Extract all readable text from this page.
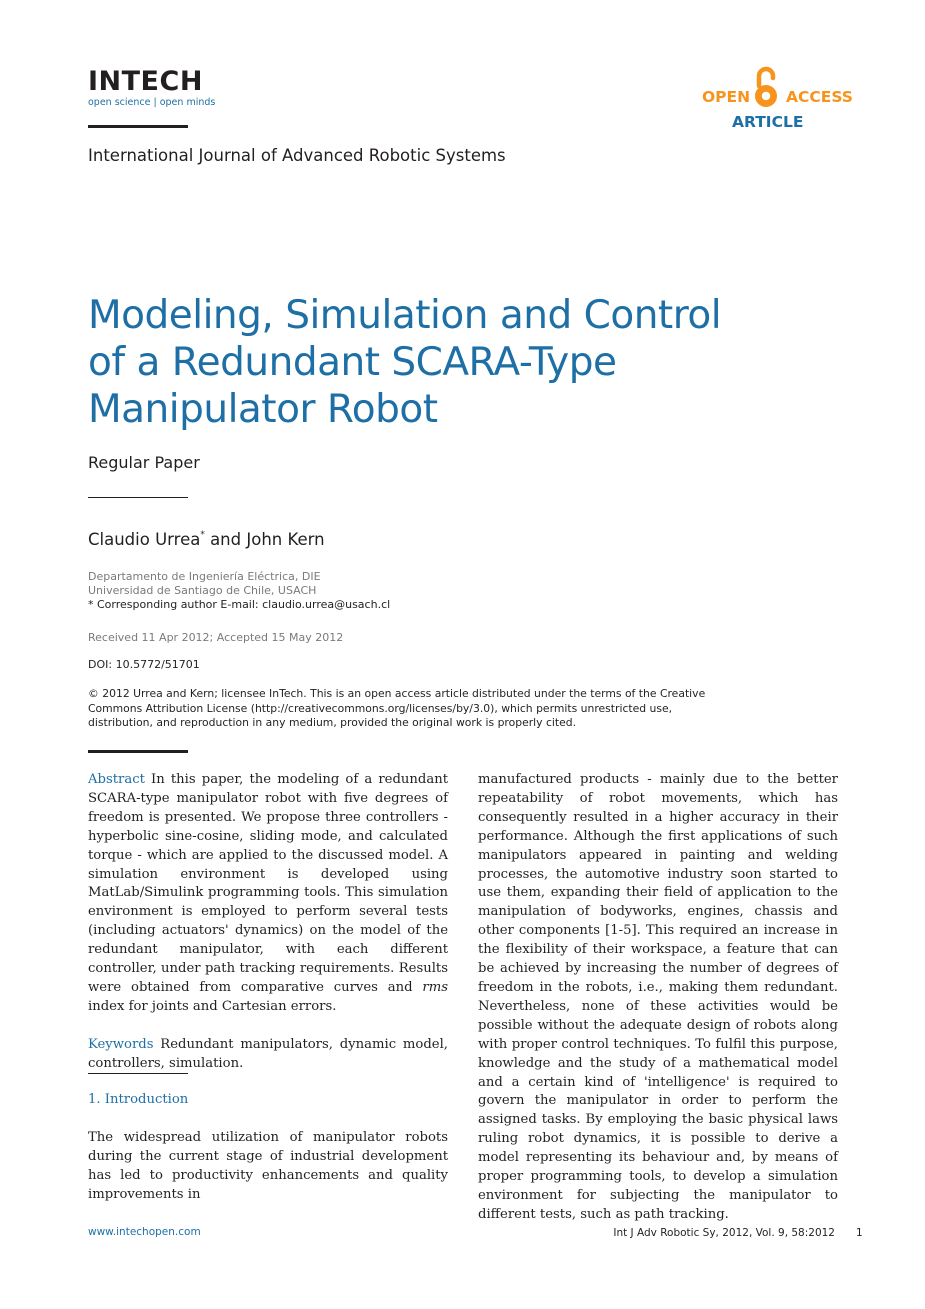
INTECH
open science | open minds	OPEN ACCESS
ARTICLE
International Journal of Advanced Robotic Systems
Modeling, Simulation and Control
of a Redundant SCARA-Type
Manipulator Robot
Regular Paper
Claudio Urrea* and John Kern
Departamento de Ingeniería Eléctrica, DIE
Universidad de Santiago de Chile, USACH
* Corresponding author E-mail: claudio.urrea@usach.cl
Received 11 Apr 2012; Accepted 15 May 2012
DOI: 10.5772/51701
© 2012 Urrea and Kern; licensee InTech. This is an open access article distributed under the terms of the Creative Commons Attribution License (http://creativecommons.org/licenses/by/3.0), which permits unrestricted use, distribution, and reproduction in any medium, provided the original work is properly cited.

Abstract In this paper, the modeling of a redundant SCARA-type manipulator robot with five degrees of freedom is presented. We propose three controllers - hyperbolic sine-cosine, sliding mode, and calculated torque - which are applied to the discussed model. A simulation environment is developed using MatLab/Simulink programming tools. This simulation environment is employed to perform several tests (including actuators' dynamics) on the model of the redundant manipulator, with each different controller, under path tracking requirements. Results were obtained from comparative curves and rms index for joints and Cartesian errors.

Keywords Redundant manipulators, dynamic model, controllers, simulation.

1. Introduction
The widespread utilization of manipulator robots during the current stage of industrial development has led to productivity enhancements and quality improvements in

manufactured products - mainly due to the better repeatability of robot movements, which has consequently resulted in a higher accuracy in their performance. Although the first applications of such manipulators appeared in painting and welding processes, the automotive industry soon started to use them, expanding their field of application to the manipulation of bodyworks, engines, chassis and other components [1-5]. This required an increase in the flexibility of their workspace, a feature that can be achieved by increasing the number of degrees of freedom in the robots, i.e., making them redundant. Nevertheless, none of these activities would be possible without the adequate design of robots along with proper control techniques. To fulfil this purpose, knowledge and the study of a mathematical model and a certain kind of 'intelligence' is required to govern the manipulator in order to perform the assigned tasks. By employing the basic physical laws ruling robot dynamics, it is possible to derive a model representing its behaviour and, by means of proper programming tools, to develop a simulation environment for subjecting the manipulator to different tests, such as path tracking.

www.intechopen.com	Int J Adv Robotic Sy, 2012, Vol. 9, 58:2012 1
